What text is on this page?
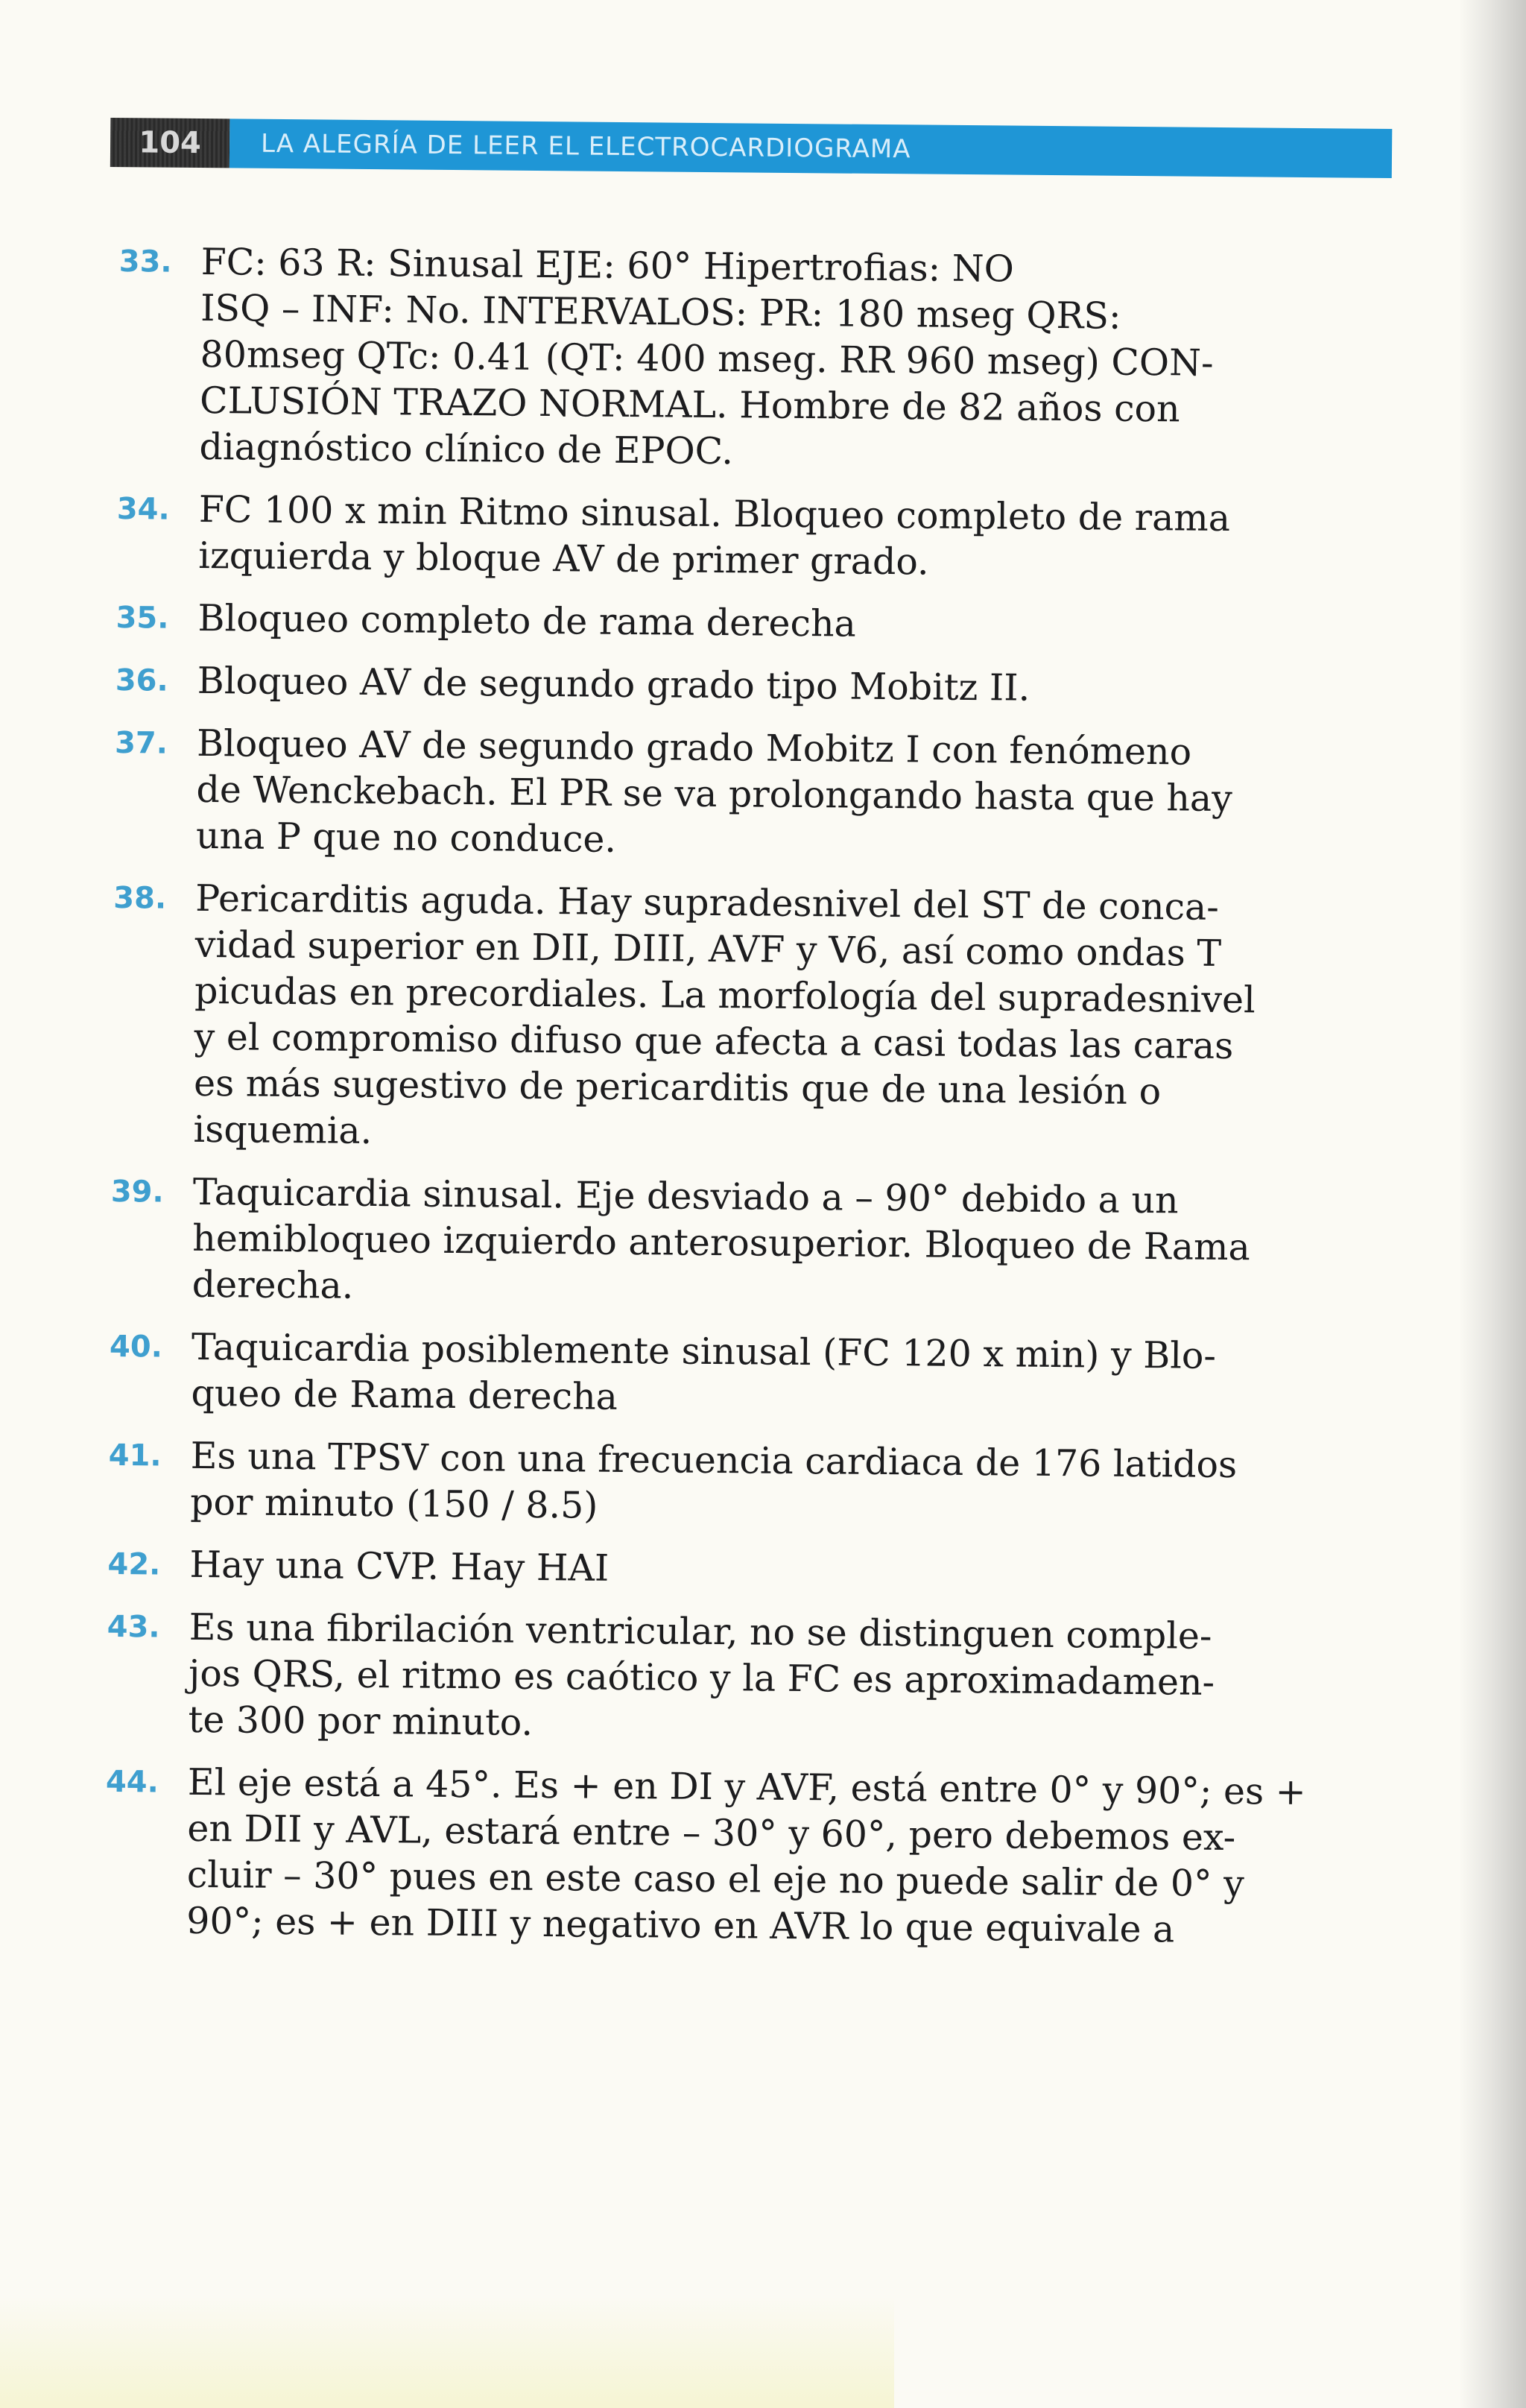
104	LA ALEGRÍA DE LEER EL ELECTROCARDIOGRAMA
33. FC: 63 R: Sinusal EJE: 60° Hipertrofias: NO
ISQ – INF: No. INTERVALOS: PR: 180 mseg QRS:
80mseg QTc: 0.41 (QT: 400 mseg. RR 960 mseg) CON-
CLUSIÓN TRAZO NORMAL. Hombre de 82 años con
diagnóstico clínico de EPOC.
34. FC 100 x min Ritmo sinusal. Bloqueo completo de rama
izquierda y bloque AV de primer grado.
35. Bloqueo completo de rama derecha
36. Bloqueo AV de segundo grado tipo Mobitz II.
37. Bloqueo AV de segundo grado Mobitz I con fenómeno
de Wenckebach. El PR se va prolongando hasta que hay
una P que no conduce.
38. Pericarditis aguda. Hay supradesnivel del ST de conca-
vidad superior en DII, DIII, AVF y V6, así como ondas T
picudas en precordiales. La morfología del supradesnivel
y el compromiso difuso que afecta a casi todas las caras
es más sugestivo de pericarditis que de una lesión o
isquemia.
39. Taquicardia sinusal. Eje desviado a – 90° debido a un
hemibloqueo izquierdo anterosuperior. Bloqueo de Rama
derecha.
40. Taquicardia posiblemente sinusal (FC 120 x min) y Blo-
queo de Rama derecha
41. Es una TPSV con una frecuencia cardiaca de 176 latidos
por minuto (150 / 8.5)
42. Hay una CVP. Hay HAI
43. Es una fibrilación ventricular, no se distinguen comple-
jos QRS, el ritmo es caótico y la FC es aproximadamen-
te 300 por minuto.
44. El eje está a 45°. Es + en DI y AVF, está entre 0° y 90°; es +
en DII y AVL, estará entre – 30° y 60°, pero debemos ex-
cluir – 30° pues en este caso el eje no puede salir de 0° y
90°; es + en DIII y negativo en AVR lo que equivale a
